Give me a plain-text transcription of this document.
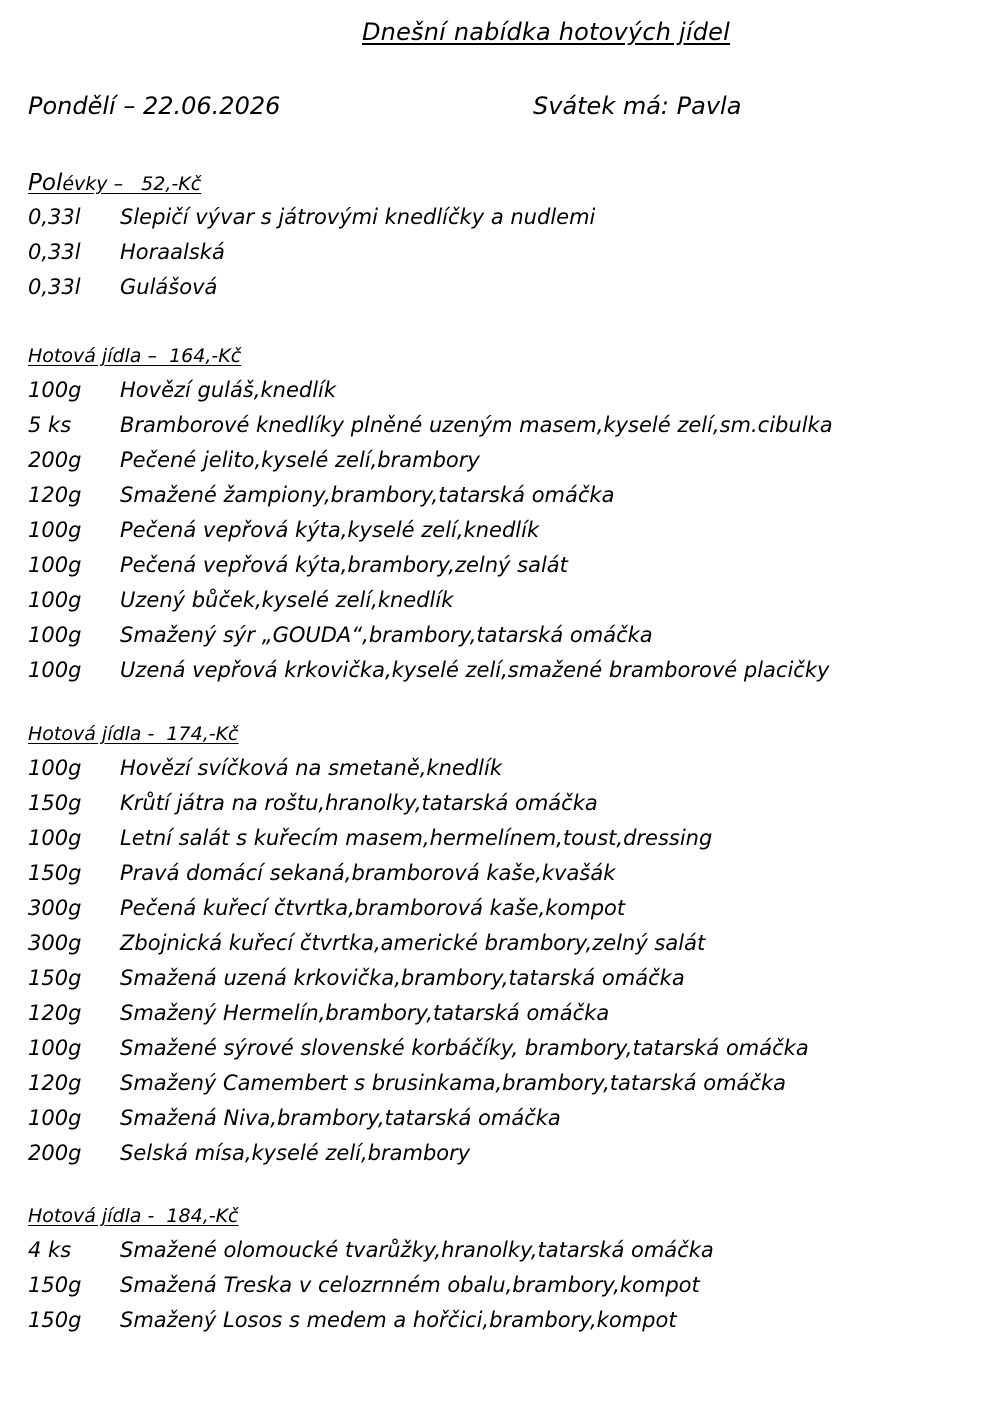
Dnešní nabídka hotových jídel
Pondělí – 22.06.2026	Svátek má: Pavla
Polévky –   52,-Kč
0,33l Slepičí vývar s játrovými knedlíčky a nudlemi
0,33l Horaalská
0,33l Gulášová
Hotová jídla –  164,-Kč
100g Hovězí guláš,knedlík
5 ks Bramborové knedlíky plněné uzeným masem,kyselé zelí,sm.cibulka
200g Pečené jelito,kyselé zelí,brambory
120g Smažené žampiony,brambory,tatarská omáčka
100g Pečená vepřová kýta,kyselé zelí,knedlík
100g Pečená vepřová kýta,brambory,zelný salát
100g Uzený bůček,kyselé zelí,knedlík
100g Smažený sýr „GOUDA“,brambory,tatarská omáčka
100g Uzená vepřová krkovička,kyselé zelí,smažené bramborové placičky
Hotová jídla -  174,-Kč
100g Hovězí svíčková na smetaně,knedlík
150g Krůtí játra na roštu,hranolky,tatarská omáčka
100g Letní salát s kuřecím masem,hermelínem,toust,dressing
150g Pravá domácí sekaná,bramborová kaše,kvašák
300g Pečená kuřecí čtvrtka,bramborová kaše,kompot
300g Zbojnická kuřecí čtvrtka,americké brambory,zelný salát
150g Smažená uzená krkovička,brambory,tatarská omáčka
120g Smažený Hermelín,brambory,tatarská omáčka
100g Smažené sýrové slovenské korbáčíky, brambory,tatarská omáčka
120g Smažený Camembert s brusinkama,brambory,tatarská omáčka
100g Smažená Niva,brambory,tatarská omáčka
200g Selská mísa,kyselé zelí,brambory
Hotová jídla -  184,-Kč
4 ks Smažené olomoucké tvarůžky,hranolky,tatarská omáčka
150g Smažená Treska v celozrnném obalu,brambory,kompot
150g Smažený Losos s medem a hořčici,brambory,kompot
